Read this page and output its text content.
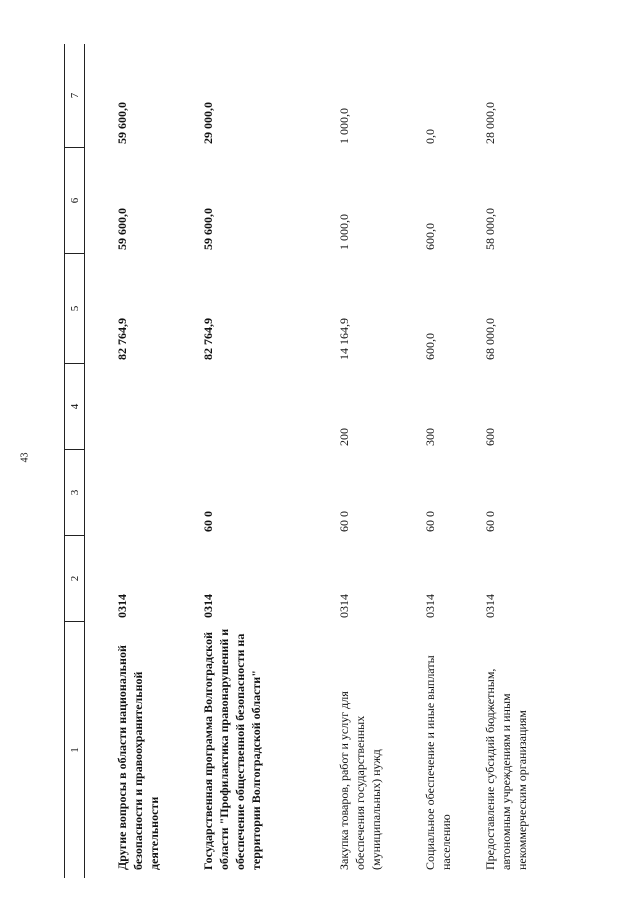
43
1
2
3
4
5
6
7
Другие вопросы в области национальной безопасности и правоохранительной деятельности
0314
82 764,9
59 600,0
59 600,0
Государственная программа Волгоградской области "Профилактика правонарушений и обеспечение общественной безопасности на территории Волгоградской области"
0314
60 0
82 764,9
59 600,0
29 000,0
Закупка товаров, работ и услуг для обеспечения государственных (муниципальных) нужд
0314
60 0
200
14 164,9
1 000,0
1 000,0
Социальное обеспечение и иные выплаты населению
0314
60 0
300
600,0
600,0
0,0
Предоставление субсидий бюджетным, автономным учреждениям и иным некоммерческим организациям
0314
60 0
600
68 000,0
58 000,0
28 000,0
